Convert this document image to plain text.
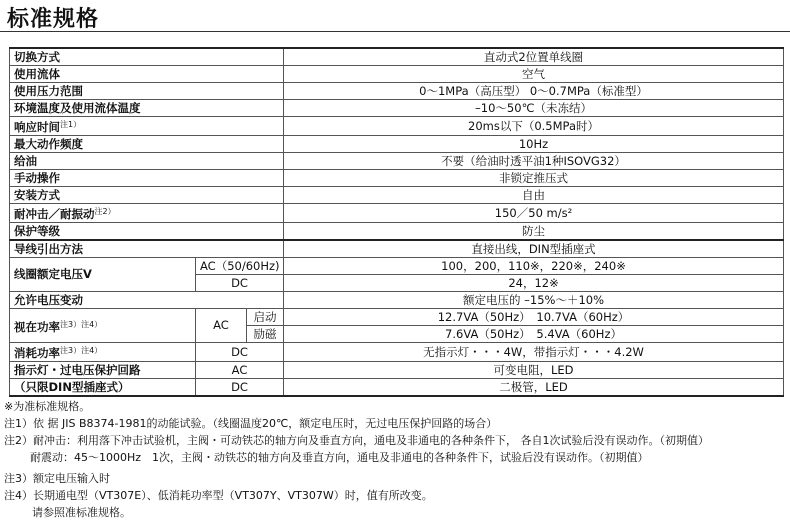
标准规格
切换方式			直动式2位置单线圈
使用流体			空气
使用压力范围			0〜1MPa（高压型） 0〜0.7MPa（标准型）
环境温度及使用流体温度			–10〜50℃（未冻结）
响应时间$^{注1)}$			20ms以下（0.5MPa时）
最大动作频度			10Hz
给油			不要（给油时透平油1种ISOVG32）
手动操作			非锁定推压式
安装方式			自由
耐冲击／耐振动$^{注2)}$			150／50 m/s²
保护等级			防尘
导线引出方法			直接出线，DIN型插座式
线圈额定电压V	AC（50/60Hz)		100，200，110※，220※，240※
	DC		24，12※
允许电压变动			额定电压的 –15%〜＋10%
视在功率$^{注3)注4)}$	AC	启动	12.7VA（50Hz）　10.7VA（60Hz）
		励磁	7.6VA（50Hz）　5.4VA（60Hz）
消耗功率$^{注3)注4)}$	DC		无指示灯・・・4W，带指示灯・・・4.2W
指示灯・过电压保护回路	AC		可变电阻，LED
（只限DIN型插座式）	DC		二极管，LED
※为准标准规格。
注1）依 据 JIS B8374-1981的动能试验。（线圈温度20℃，额定电压时，无过电压保护回路的场合）
注2）耐冲击：利用落下冲击试验机，主阀・可动铁芯的轴方向及垂直方向，通电及非通电的各种条件下， 各自1次试验后没有误动作。（初期值）
耐震动：45〜1000Hz　1次，主阀・动铁芯的轴方向及垂直方向，通电及非通电的各种条件下，试验后没有误动作。（初期值）
注3）额定电压输入时
注4）长期通电型（VT307E）、低消耗功率型（VT307Y、VT307W）时，值有所改变。
请参照准标准规格。
